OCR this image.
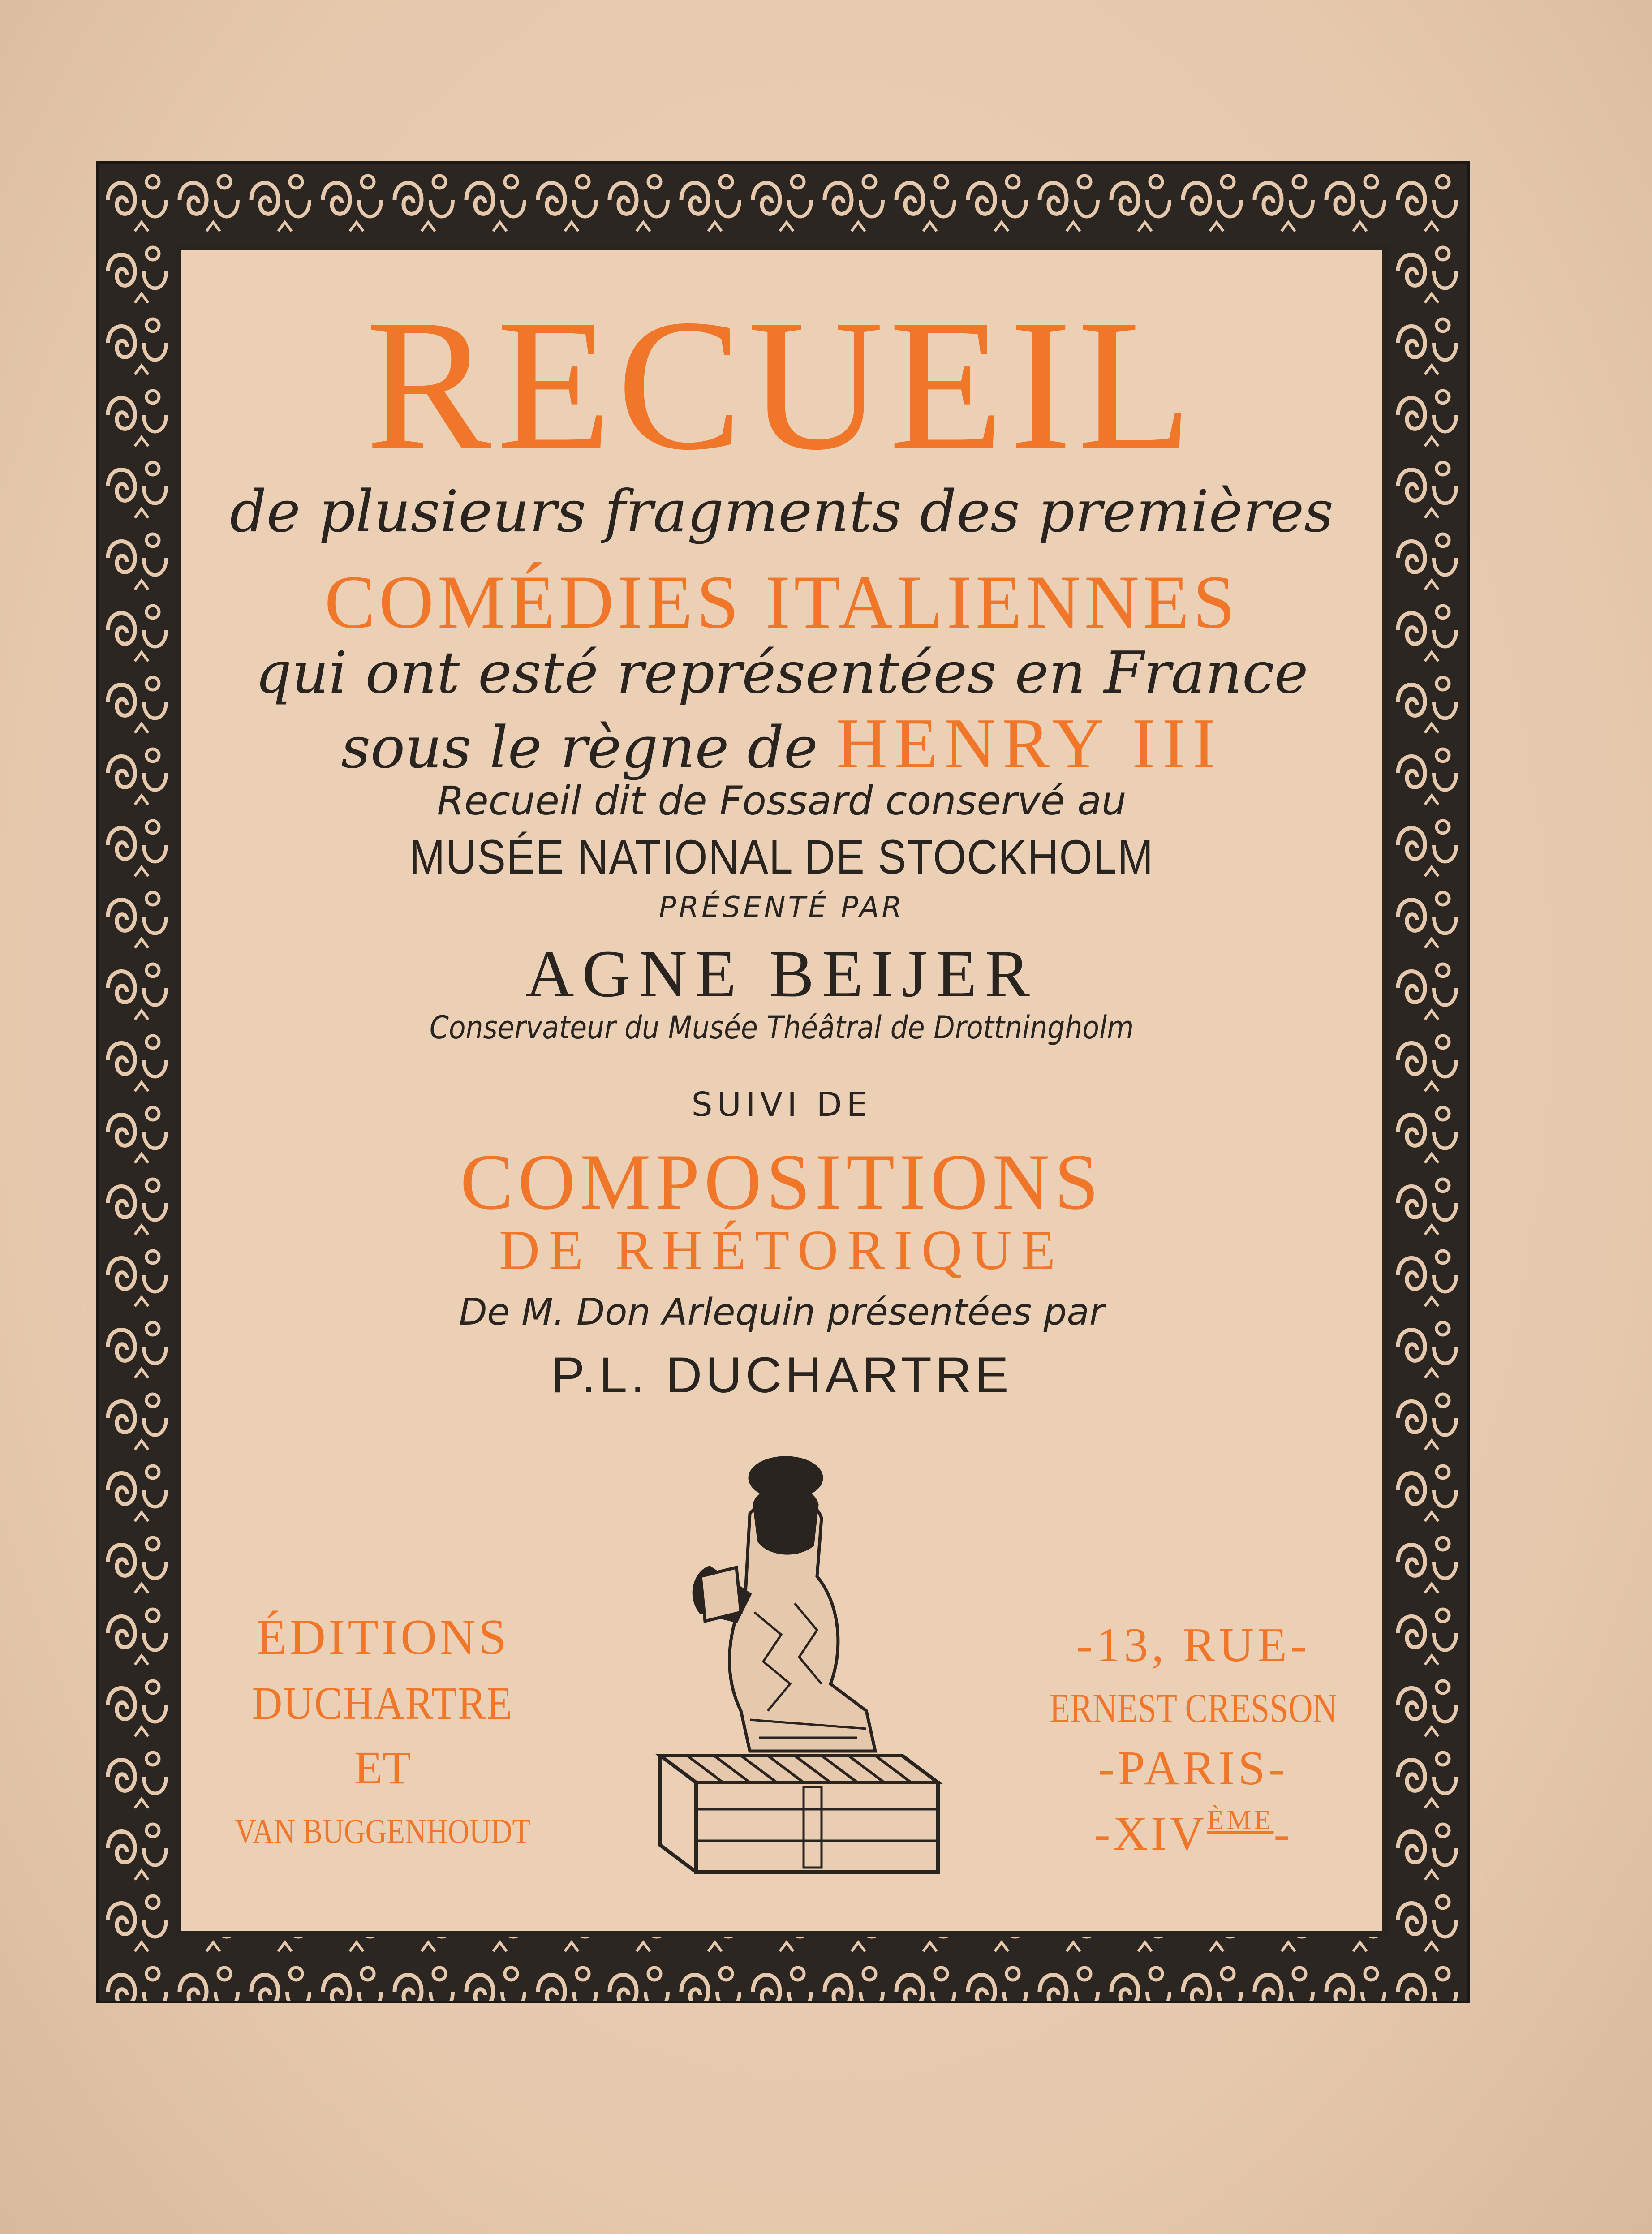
RECUEIL
de plusieurs fragments des premières
COMÉDIES ITALIENNES
qui ont esté représentées en France
sous le règne de HENRY III
Recueil dit de Fossard conservé au
MUSÉE NATIONAL DE STOCKHOLM
PRÉSENTÉ PAR
AGNE BEIJER
Conservateur du Musée Théâtral de Drottningholm
SUIVI DE
COMPOSITIONS
DE RHÉTORIQUE
De M. Don Arlequin présentées par
P.L. DUCHARTRE
ÉDITIONS
DUCHARTRE
ET
VAN BUGGENHOUDT
-13, RUE-
ERNEST CRESSON
-PARIS-
-XIVÈME-
